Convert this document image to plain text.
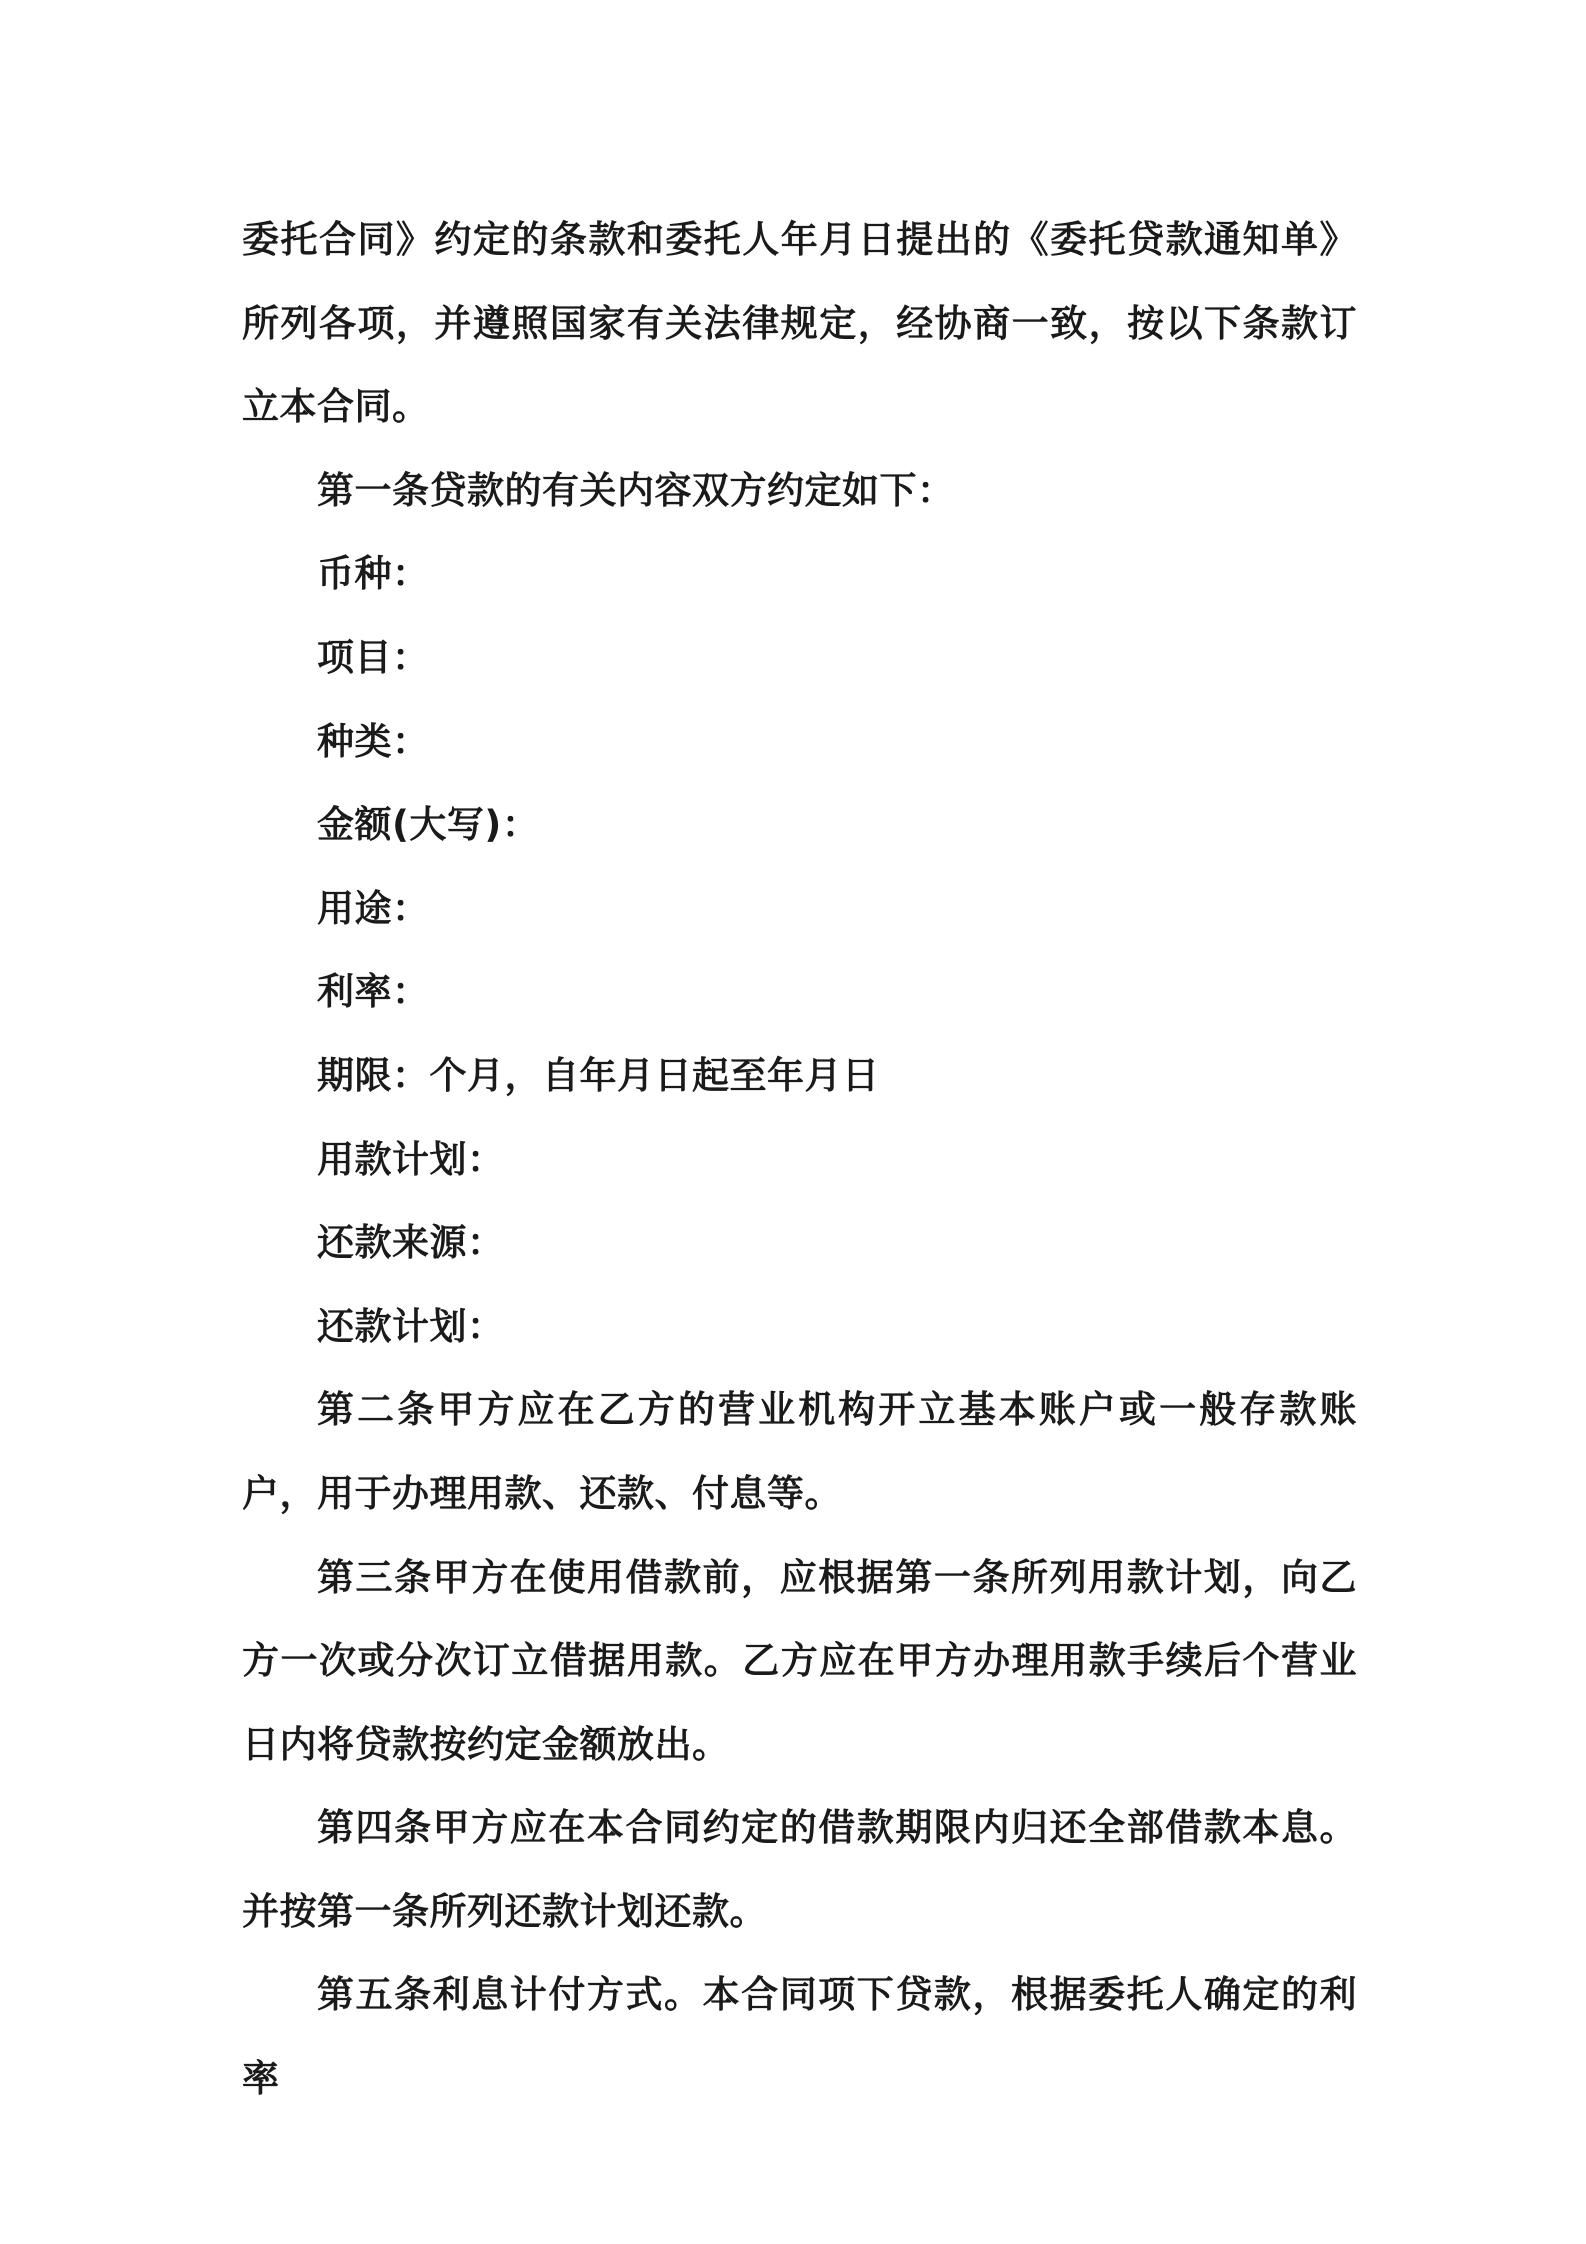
委托合同》约定的条款和委托人年月日提出的《委托贷款通知单》所列各项，并遵照国家有关法律规定，经协商一致，按以下条款订立本合同。

第一条贷款的有关内容双方约定如下：

币种：

项目：

种类：

金额(大写)：

用途：

利率：

期限：个月，自年月日起至年月日

用款计划：

还款来源：

还款计划：

第二条甲方应在乙方的营业机构开立基本账户或一般存款账户，用于办理用款、还款、付息等。

第三条甲方在使用借款前，应根据第一条所列用款计划，向乙方一次或分次订立借据用款。乙方应在甲方办理用款手续后个营业日内将贷款按约定金额放出。

第四条甲方应在本合同约定的借款期限内归还全部借款本息。并按第一条所列还款计划还款。

第五条利息计付方式。本合同项下贷款，根据委托人确定的利率
